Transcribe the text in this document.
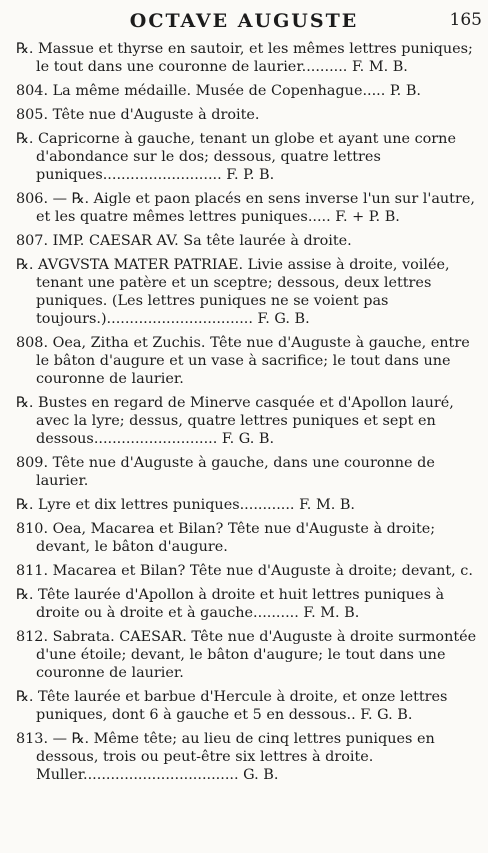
OCTAVE AUGUSTE	165
℞. Massue et thyrse en sautoir, et les mêmes lettres puniques; le tout dans une couronne de laurier.......... F. M. B.
804. La même médaille. Musée de Copenhague..... P. B.
805. Tête nue d'Auguste à droite.
℞. Capricorne à gauche, tenant un globe et ayant une corne d'abondance sur le dos; dessous, quatre lettres puniques.......................... F. P. B.
806. — ℞. Aigle et paon placés en sens inverse l'un sur l'autre, et les quatre mêmes lettres puniques..... F. + P. B.
807. IMP. CAESAR AV. Sa tête laurée à droite.
℞. AVGVSTA MATER PATRIAE. Livie assise à droite, voilée, tenant une patère et un sceptre; dessous, deux lettres puniques. (Les lettres puniques ne se voient pas toujours.)................................ F. G. B.
808. Oea, Zitha et Zuchis. Tête nue d'Auguste à gauche, entre le bâton d'augure et un vase à sacrifice; le tout dans une couronne de laurier.
℞. Bustes en regard de Minerve casquée et d'Apollon lauré, avec la lyre; dessus, quatre lettres puniques et sept en dessous........................... F. G. B.
809. Tête nue d'Auguste à gauche, dans une couronne de laurier.
℞. Lyre et dix lettres puniques............ F. M. B.
810. Oea, Macarea et Bilan? Tête nue d'Auguste à droite; devant, le bâton d'augure.
811. Macarea et Bilan? Tête nue d'Auguste à droite; devant, c.
℞. Tête laurée d'Apollon à droite et huit lettres puniques à droite ou à droite et à gauche.......... F. M. B.
812. Sabrata. CAESAR. Tête nue d'Auguste à droite surmontée d'une étoile; devant, le bâton d'augure; le tout dans une couronne de laurier.
℞. Tête laurée et barbue d'Hercule à droite, et onze lettres puniques, dont 6 à gauche et 5 en dessous.. F. G. B.
813. — ℞. Même tête; au lieu de cinq lettres puniques en dessous, trois ou peut-être six lettres à droite. Muller.................................. G. B.
